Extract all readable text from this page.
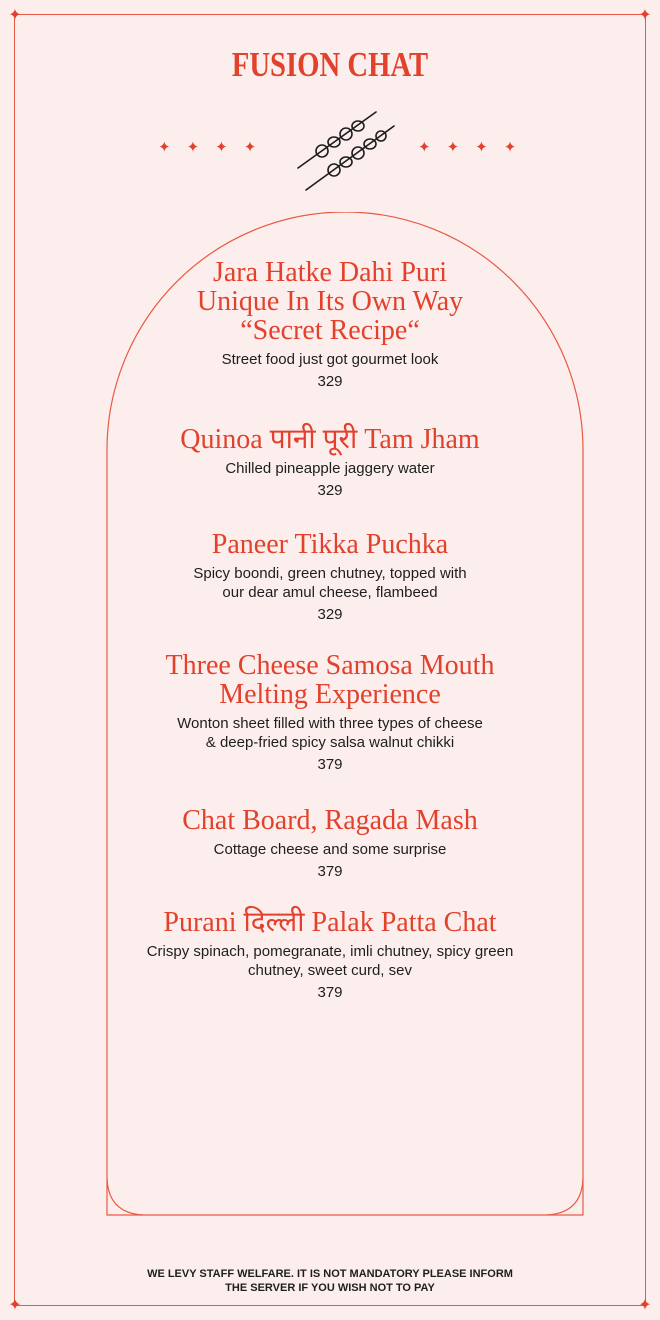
✦	✦
✦	✦
FUSION CHAT
✦ ✦ ✦ ✦	✦ ✦ ✦ ✦
Jara Hatke Dahi Puri
Unique In Its Own Way
“Secret Recipe“
Street food just got gourmet look
329
Quinoa पानी पूरी Tam Jham
Chilled pineapple jaggery water
329
Paneer Tikka Puchka
Spicy boondi, green chutney, topped with
our dear amul cheese, flambeed
329
Three Cheese Samosa Mouth
Melting Experience
Wonton sheet filled with three types of cheese
& deep-fried spicy salsa walnut chikki
379
Chat Board, Ragada Mash
Cottage cheese and some surprise
379
Purani दिल्ली Palak Patta Chat
Crispy spinach, pomegranate, imli chutney, spicy green
chutney, sweet curd, sev
379
WE LEVY STAFF WELFARE. IT IS NOT MANDATORY PLEASE INFORM
THE SERVER IF YOU WISH NOT TO PAY
